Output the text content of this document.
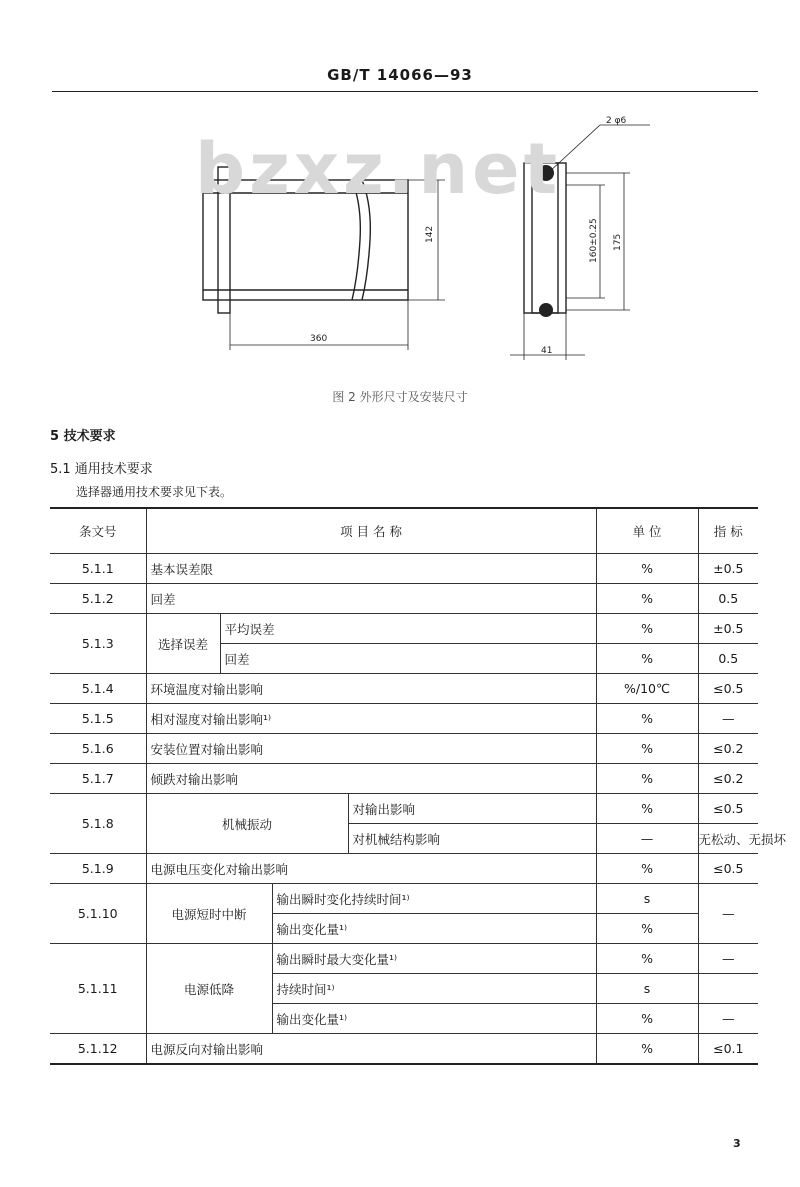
GB/T 14066—93
2 φ6
142
360
160±0.25 175
41
bzxz.net
图 2 外形尺寸及安装尺寸
5 技术要求
5.1 通用技术要求
选择器通用技术要求见下表。
条文号	项 目 名 称				单 位	指 标
5.1.1	基本误差限				%	±0.5
5.1.2	回差				%	0.5
5.1.3	选择误差	平均误差			%	±0.5
		回差			%	0.5
5.1.4	环境温度对输出影响				%/10℃	≤0.5
5.1.5	相对湿度对输出影响¹⁾				%	—
5.1.6	安装位置对输出影响				%	≤0.2
5.1.7	倾跌对输出影响				%	≤0.2
5.1.8	机械振动			对输出影响	%	≤0.5
				对机械结构影响	—	无松动、无损坏
5.1.9	电源电压变化对输出影响				%	≤0.5
5.1.10	电源短时中断		输出瞬时变化持续时间¹⁾		s	—
			输出变化量¹⁾		%	
5.1.11	电源低降		输出瞬时最大变化量¹⁾		%	—
			持续时间¹⁾		s	
			输出变化量¹⁾		%	—
5.1.12	电源反向对输出影响				%	≤0.1
3
